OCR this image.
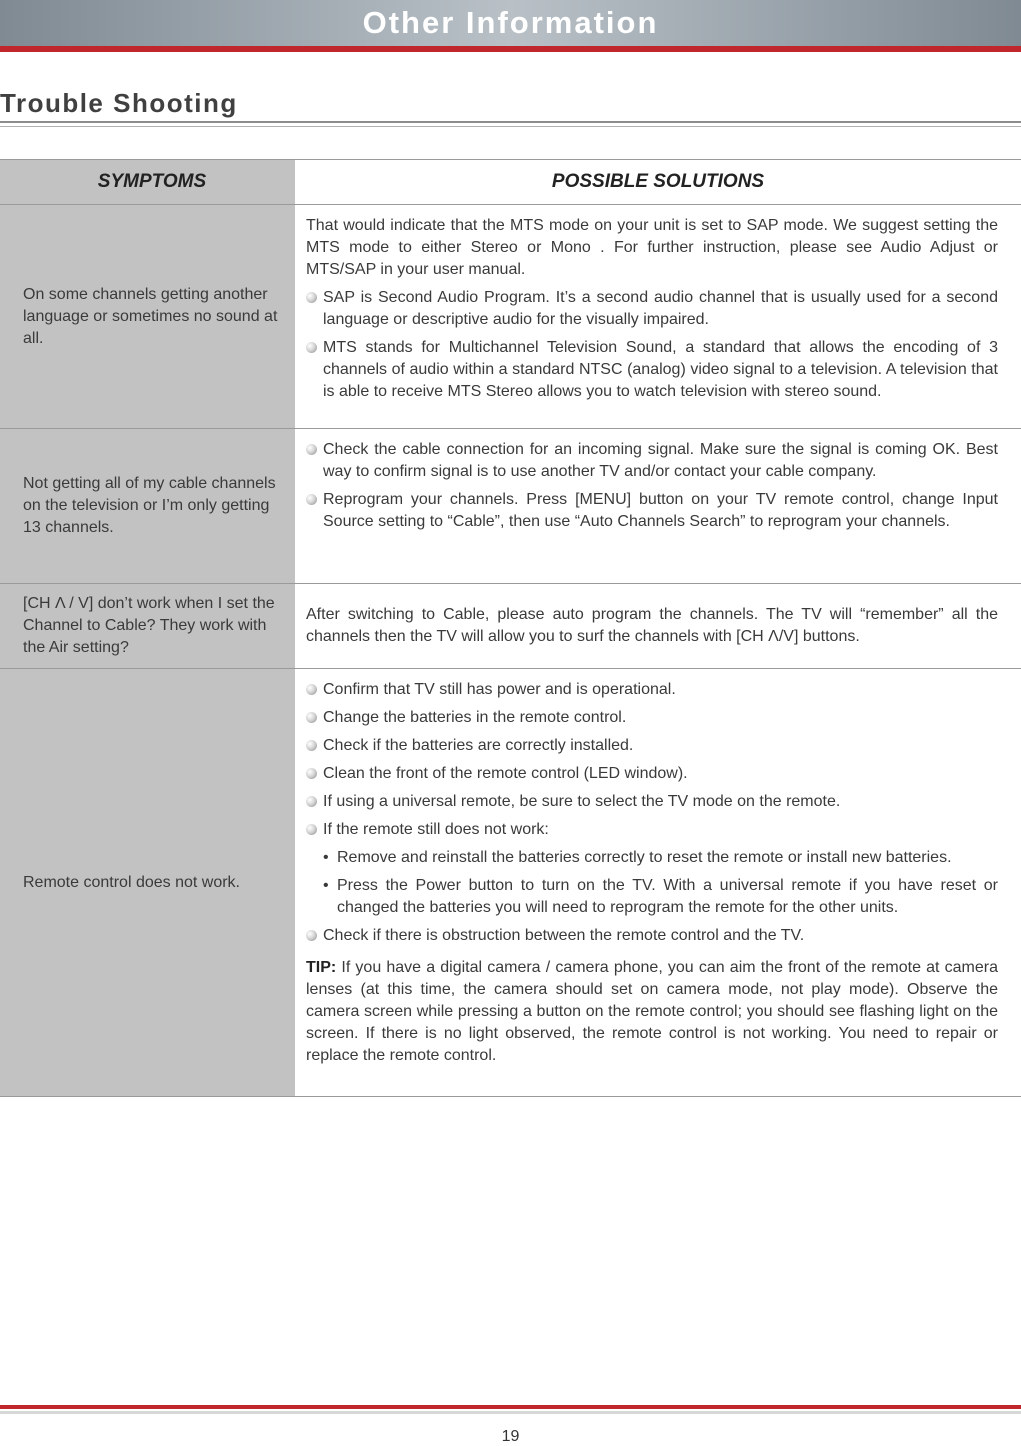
Other Information
Trouble Shooting
SYMPTOMS	POSSIBLE SOLUTIONS
On some channels getting another language or sometimes no sound at all.

That would indicate that the MTS mode on your unit is set to SAP mode. We suggest setting the MTS mode to either Stereo or Mono . For further instruction, please see Audio Adjust or MTS/SAP in your user manual.

SAP is Second Audio Program. It’s a second audio channel that is usually used for a second language or descriptive audio for the visually impaired.

MTS stands for Multichannel Television Sound, a standard that allows the encoding of 3 channels of audio within a standard NTSC (analog) video signal to a television. A television that is able to receive MTS Stereo allows you to watch television with stereo sound.

Not getting all of my cable channels on the television or I’m only getting 13 channels.

Check the cable connection for an incoming signal. Make sure the signal is coming OK. Best way to confirm signal is to use another TV and/or contact your cable company.

Reprogram your channels. Press [MENU] button on your TV remote control, change Input Source setting to “Cable”, then use “Auto Channels Search” to reprogram your channels.

[CH Λ / V] don’t work when I set the Channel to Cable? They work with the Air setting?

After switching to Cable, please auto program the channels. The TV will “remember” all the channels then the TV will allow you to surf the channels with [CH Λ/V] buttons.

Remote control does not work.

Confirm that TV still has power and is operational.

Change the batteries in the remote control.

Check if the batteries are correctly installed.

Clean the front of the remote control (LED window).

If using a universal remote, be sure to select the TV mode on the remote.

If the remote still does not work:

• Remove and reinstall the batteries correctly to reset the remote or install new batteries.

• Press the Power button to turn on the TV. With a universal remote if you have reset or changed the batteries you will need to reprogram the remote for the other units.

Check if there is obstruction between the remote control and the TV.

TIP: If you have a digital camera / camera phone, you can aim the front of the remote at camera lenses (at this time, the camera should set on camera mode, not play mode). Observe the camera screen while pressing a button on the remote control; you should see flashing light on the screen. If there is no light observed, the remote control is not working. You need to repair or replace the remote control.

19
